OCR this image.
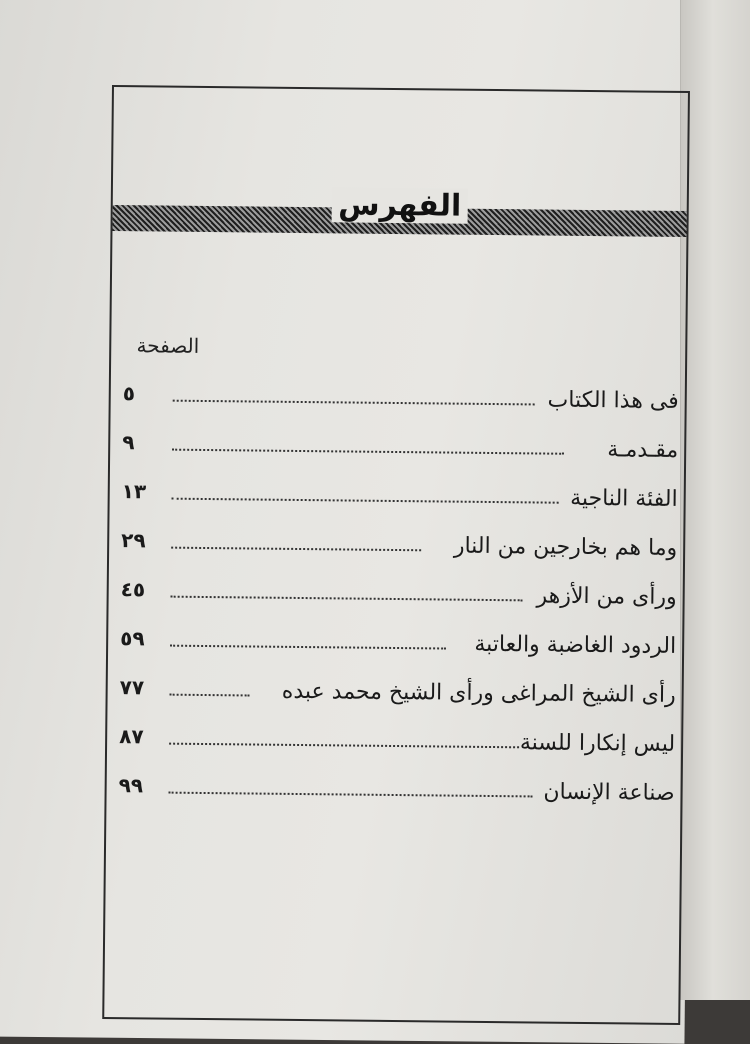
الفهرس
الصفحة
٥	فى هذا الكتاب
٩	مقـدمـة
١٣	الفئة الناجية
٢٩	وما هم بخارجين من النار
٤٥	ورأى من الأزهر
٥٩	الردود الغاضبة والعاتبة
٧٧	رأى الشيخ المراغى ورأى الشيخ محمد عبده
٨٧	ليس إنكارا للسنة
٩٩	صناعة الإنسان
